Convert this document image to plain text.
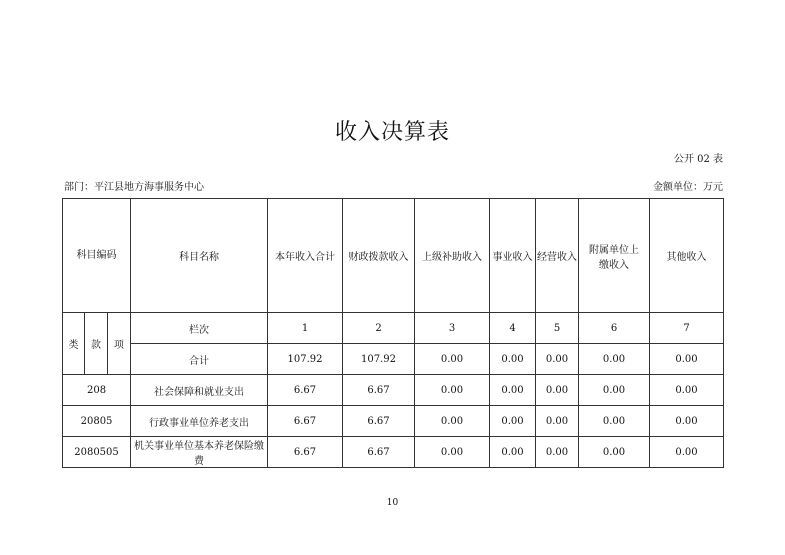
收入决算表
公开 02 表
部门：平江县地方海事服务中心	金额单位：万元
科目编码			科目名称	本年收入合计	财政拨款收入	上级补助收入	事业收入	经营收入	附属单位上缴收入	其他收入
类	款	项	栏次	1	2	3	4	5	6	7
			合计	107.92	107.92	0.00	0.00	0.00	0.00	0.00
208			社会保障和就业支出	6.67	6.67	0.00	0.00	0.00	0.00	0.00
20805			行政事业单位养老支出	6.67	6.67	0.00	0.00	0.00	0.00	0.00
2080505			机关事业单位基本养老保险缴费	6.67	6.67	0.00	0.00	0.00	0.00	0.00
10
